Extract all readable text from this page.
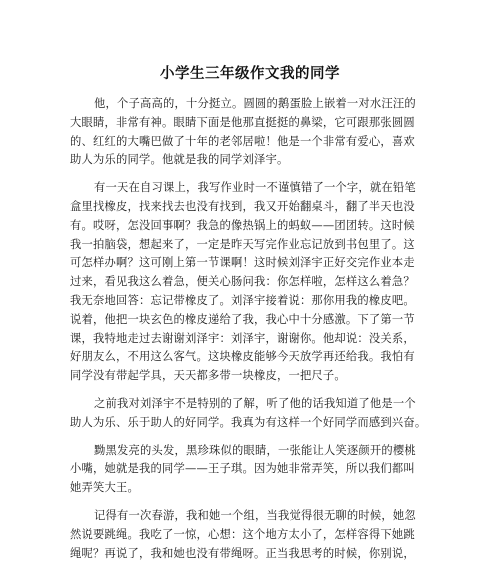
小学生三年级作文我的同学

他，个子高高的，十分挺立。圆圆的鹅蛋脸上嵌着一对水汪汪的
大眼睛，非常有神。眼睛下面是他那直挺挺的鼻梁，它可跟那张圆圆
的、红红的大嘴巴做了十年的老邻居啦！他是一个非常有爱心，喜欢
助人为乐的同学。他就是我的同学刘泽宇。

有一天在自习课上，我写作业时一不谨慎错了一个字，就在铅笔
盒里找橡皮，找来找去也没有找到，我又开始翻桌斗，翻了半天也没
有。哎呀，怎没回事啊？我急的像热锅上的蚂蚁——团团转。这时候
我一拍脑袋，想起来了，一定是昨天写完作业忘记放到书包里了。这
可怎样办啊？这可刚上第一节课啊！这时候刘泽宇正好交完作业本走
过来，看见我这么着急，便关心肠问我：你怎样啦，怎样这么着急？
我无奈地回答：忘记带橡皮了。刘泽宇接着说：那你用我的橡皮吧。
说着，他把一块玄色的橡皮递给了我，我心中十分感激。下了第一节
课，我特地走过去谢谢刘泽宇：刘泽宇，谢谢你。他却说：没关系，
好朋友么，不用这么客气。这块橡皮能够今天放学再还给我。我怕有
同学没有带起学具，天天都多带一块橡皮，一把尺子。

之前我对刘泽宇不是特别的了解，听了他的话我知道了他是一个
助人为乐、乐于助人的好同学。我真为有这样一个好同学而感到兴奋。

黝黑发亮的头发，黑珍珠似的眼睛，一张能让人笑逐颜开的樱桃
小嘴，她就是我的同学——王子琪。因为她非常弄笑，所以我们都叫
她弄笑大王。

记得有一次春游，我和她一个组，当我觉得很无聊的时候，她忽
然说要跳绳。我吃了一惊，心想：这个地方太小了，怎样容得下她跳
绳呢？再说了，我和她也没有带绳呀。正当我思考的时候，你别说，
